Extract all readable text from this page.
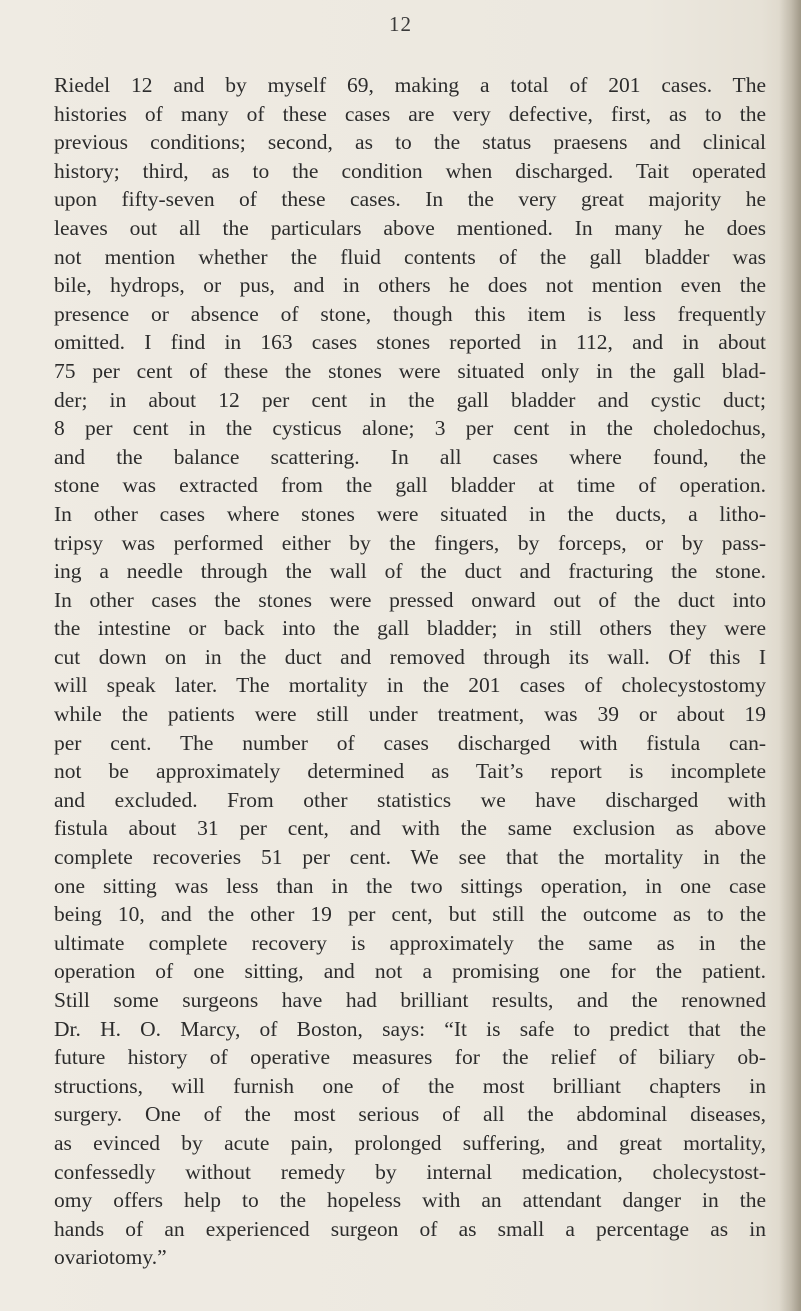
12
Riedel 12 and by myself 69, making a total of 201 cases. The
histories of many of these cases are very defective, first, as to the
previous conditions; second, as to the status praesens and clinical
history; third, as to the condition when discharged. Tait operated
upon fifty-seven of these cases. In the very great majority he
leaves out all the particulars above mentioned. In many he does
not mention whether the fluid contents of the gall bladder was
bile, hydrops, or pus, and in others he does not mention even the
presence or absence of stone, though this item is less frequently
omitted. I find in 163 cases stones reported in 112, and in about
75 per cent of these the stones were situated only in the gall blad-
der; in about 12 per cent in the gall bladder and cystic duct;
8 per cent in the cysticus alone; 3 per cent in the choledochus,
and the balance scattering. In all cases where found, the
stone was extracted from the gall bladder at time of operation.
In other cases where stones were situated in the ducts, a litho-
tripsy was performed either by the fingers, by forceps, or by pass-
ing a needle through the wall of the duct and fracturing the stone.
In other cases the stones were pressed onward out of the duct into
the intestine or back into the gall bladder; in still others they were
cut down on in the duct and removed through its wall. Of this I
will speak later. The mortality in the 201 cases of cholecystostomy
while the patients were still under treatment, was 39 or about 19
per cent. The number of cases discharged with fistula can-
not be approximately determined as Tait’s report is incomplete
and excluded. From other statistics we have discharged with
fistula about 31 per cent, and with the same exclusion as above
complete recoveries 51 per cent. We see that the mortality in the
one sitting was less than in the two sittings operation, in one case
being 10, and the other 19 per cent, but still the outcome as to the
ultimate complete recovery is approximately the same as in the
operation of one sitting, and not a promising one for the patient.
Still some surgeons have had brilliant results, and the renowned
Dr. H. O. Marcy, of Boston, says: “It is safe to predict that the
future history of operative measures for the relief of biliary ob-
structions, will furnish one of the most brilliant chapters in
surgery. One of the most serious of all the abdominal diseases,
as evinced by acute pain, prolonged suffering, and great mortality,
confessedly without remedy by internal medication, cholecystost-
omy offers help to the hopeless with an attendant danger in the
hands of an experienced surgeon of as small a percentage as in
ovariotomy.”
